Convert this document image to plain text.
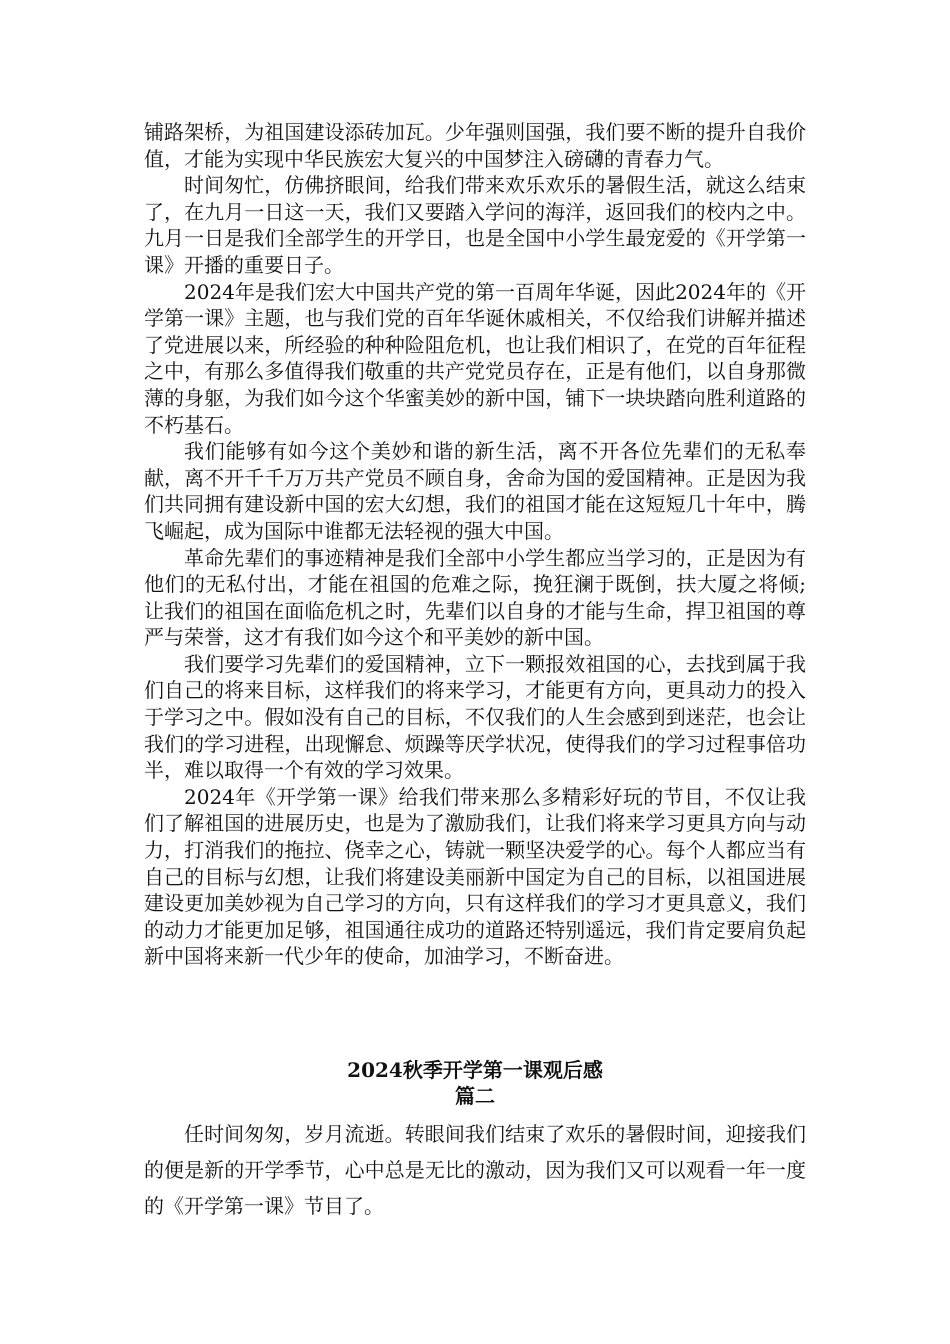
铺路架桥，为祖国建设添砖加瓦。少年强则国强，我们要不断的提升自我价值，才能为实现中华民族宏大复兴的中国梦注入磅礴的青春力气。

时间匆忙，仿佛挤眼间，给我们带来欢乐欢乐的暑假生活，就这么结束了，在九月一日这一天，我们又要踏入学问的海洋，返回我们的校内之中。九月一日是我们全部学生的开学日，也是全国中小学生最宠爱的《开学第一课》开播的重要日子。

2024年是我们宏大中国共产党的第一百周年华诞，因此2024年的《开学第一课》主题，也与我们党的百年华诞休戚相关，不仅给我们讲解并描述了党进展以来，所经验的种种险阻危机，也让我们相识了，在党的百年征程之中，有那么多值得我们敬重的共产党党员存在，正是有他们，以自身那微薄的身躯，为我们如今这个华蜜美妙的新中国，铺下一块块踏向胜利道路的不朽基石。

我们能够有如今这个美妙和谐的新生活，离不开各位先辈们的无私奉献，离不开千千万万共产党员不顾自身，舍命为国的爱国精神。正是因为我们共同拥有建设新中国的宏大幻想，我们的祖国才能在这短短几十年中，腾飞崛起，成为国际中谁都无法轻视的强大中国。

革命先辈们的事迹精神是我们全部中小学生都应当学习的，正是因为有他们的无私付出，才能在祖国的危难之际，挽狂澜于既倒，扶大厦之将倾;让我们的祖国在面临危机之时，先辈们以自身的才能与生命，捍卫祖国的尊严与荣誉，这才有我们如今这个和平美妙的新中国。

我们要学习先辈们的爱国精神，立下一颗报效祖国的心，去找到属于我们自己的将来目标，这样我们的将来学习，才能更有方向，更具动力的投入于学习之中。假如没有自己的目标，不仅我们的人生会感到到迷茫，也会让我们的学习进程，出现懈怠、烦躁等厌学状况，使得我们的学习过程事倍功半，难以取得一个有效的学习效果。

2024年《开学第一课》给我们带来那么多精彩好玩的节目，不仅让我们了解祖国的进展历史，也是为了激励我们，让我们将来学习更具方向与动力，打消我们的拖拉、侥幸之心，铸就一颗坚决爱学的心。每个人都应当有自己的目标与幻想，让我们将建设美丽新中国定为自己的目标，以祖国进展建设更加美妙视为自己学习的方向，只有这样我们的学习才更具意义，我们的动力才能更加足够，祖国通往成功的道路还特别遥远，我们肯定要肩负起新中国将来新一代少年的使命，加油学习，不断奋进。

2024秋季开学第一课观后感
篇二

任时间匆匆，岁月流逝。转眼间我们结束了欢乐的暑假时间，迎接我们的便是新的开学季节，心中总是无比的激动，因为我们又可以观看一年一度的《开学第一课》节目了。
